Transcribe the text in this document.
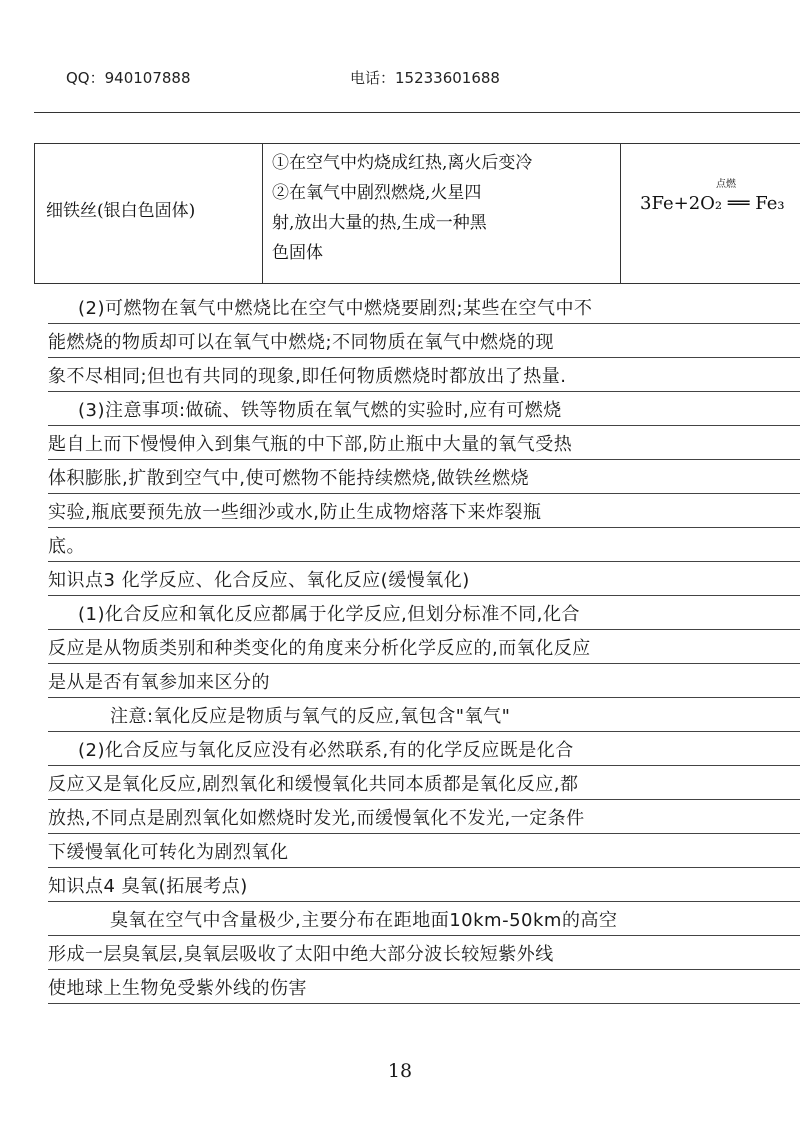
QQ：940107888	电话：15233601688
细铁丝(银白色固体)
①在空气中灼烧成红热,离火后变冷
②在氧气中剧烈燃烧,火星四
射,放出大量的热,生成一种黑
色固体
点燃
3Fe+2O₂ ══ Fe₃
(2)可燃物在氧气中燃烧比在空气中燃烧要剧烈;某些在空气中不
能燃烧的物质却可以在氧气中燃烧;不同物质在氧气中燃烧的现
象不尽相同;但也有共同的现象,即任何物质燃烧时都放出了热量.
(3)注意事项:做硫、铁等物质在氧气燃的实验时,应有可燃烧
匙自上而下慢慢伸入到集气瓶的中下部,防止瓶中大量的氧气受热
体积膨胀,扩散到空气中,使可燃物不能持续燃烧,做铁丝燃烧
实验,瓶底要预先放一些细沙或水,防止生成物熔落下来炸裂瓶
底。
知识点3 化学反应、化合反应、氧化反应(缓慢氧化)
(1)化合反应和氧化反应都属于化学反应,但划分标准不同,化合
反应是从物质类别和种类变化的角度来分析化学反应的,而氧化反应
是从是否有氧参加来区分的
注意:氧化反应是物质与氧气的反应,氧包含"氧气"
(2)化合反应与氧化反应没有必然联系,有的化学反应既是化合
反应又是氧化反应,剧烈氧化和缓慢氧化共同本质都是氧化反应,都
放热,不同点是剧烈氧化如燃烧时发光,而缓慢氧化不发光,一定条件
下缓慢氧化可转化为剧烈氧化
知识点4 臭氧(拓展考点)
臭氧在空气中含量极少,主要分布在距地面10km-50km的高空
形成一层臭氧层,臭氧层吸收了太阳中绝大部分波长较短紫外线
使地球上生物免受紫外线的伤害
18
